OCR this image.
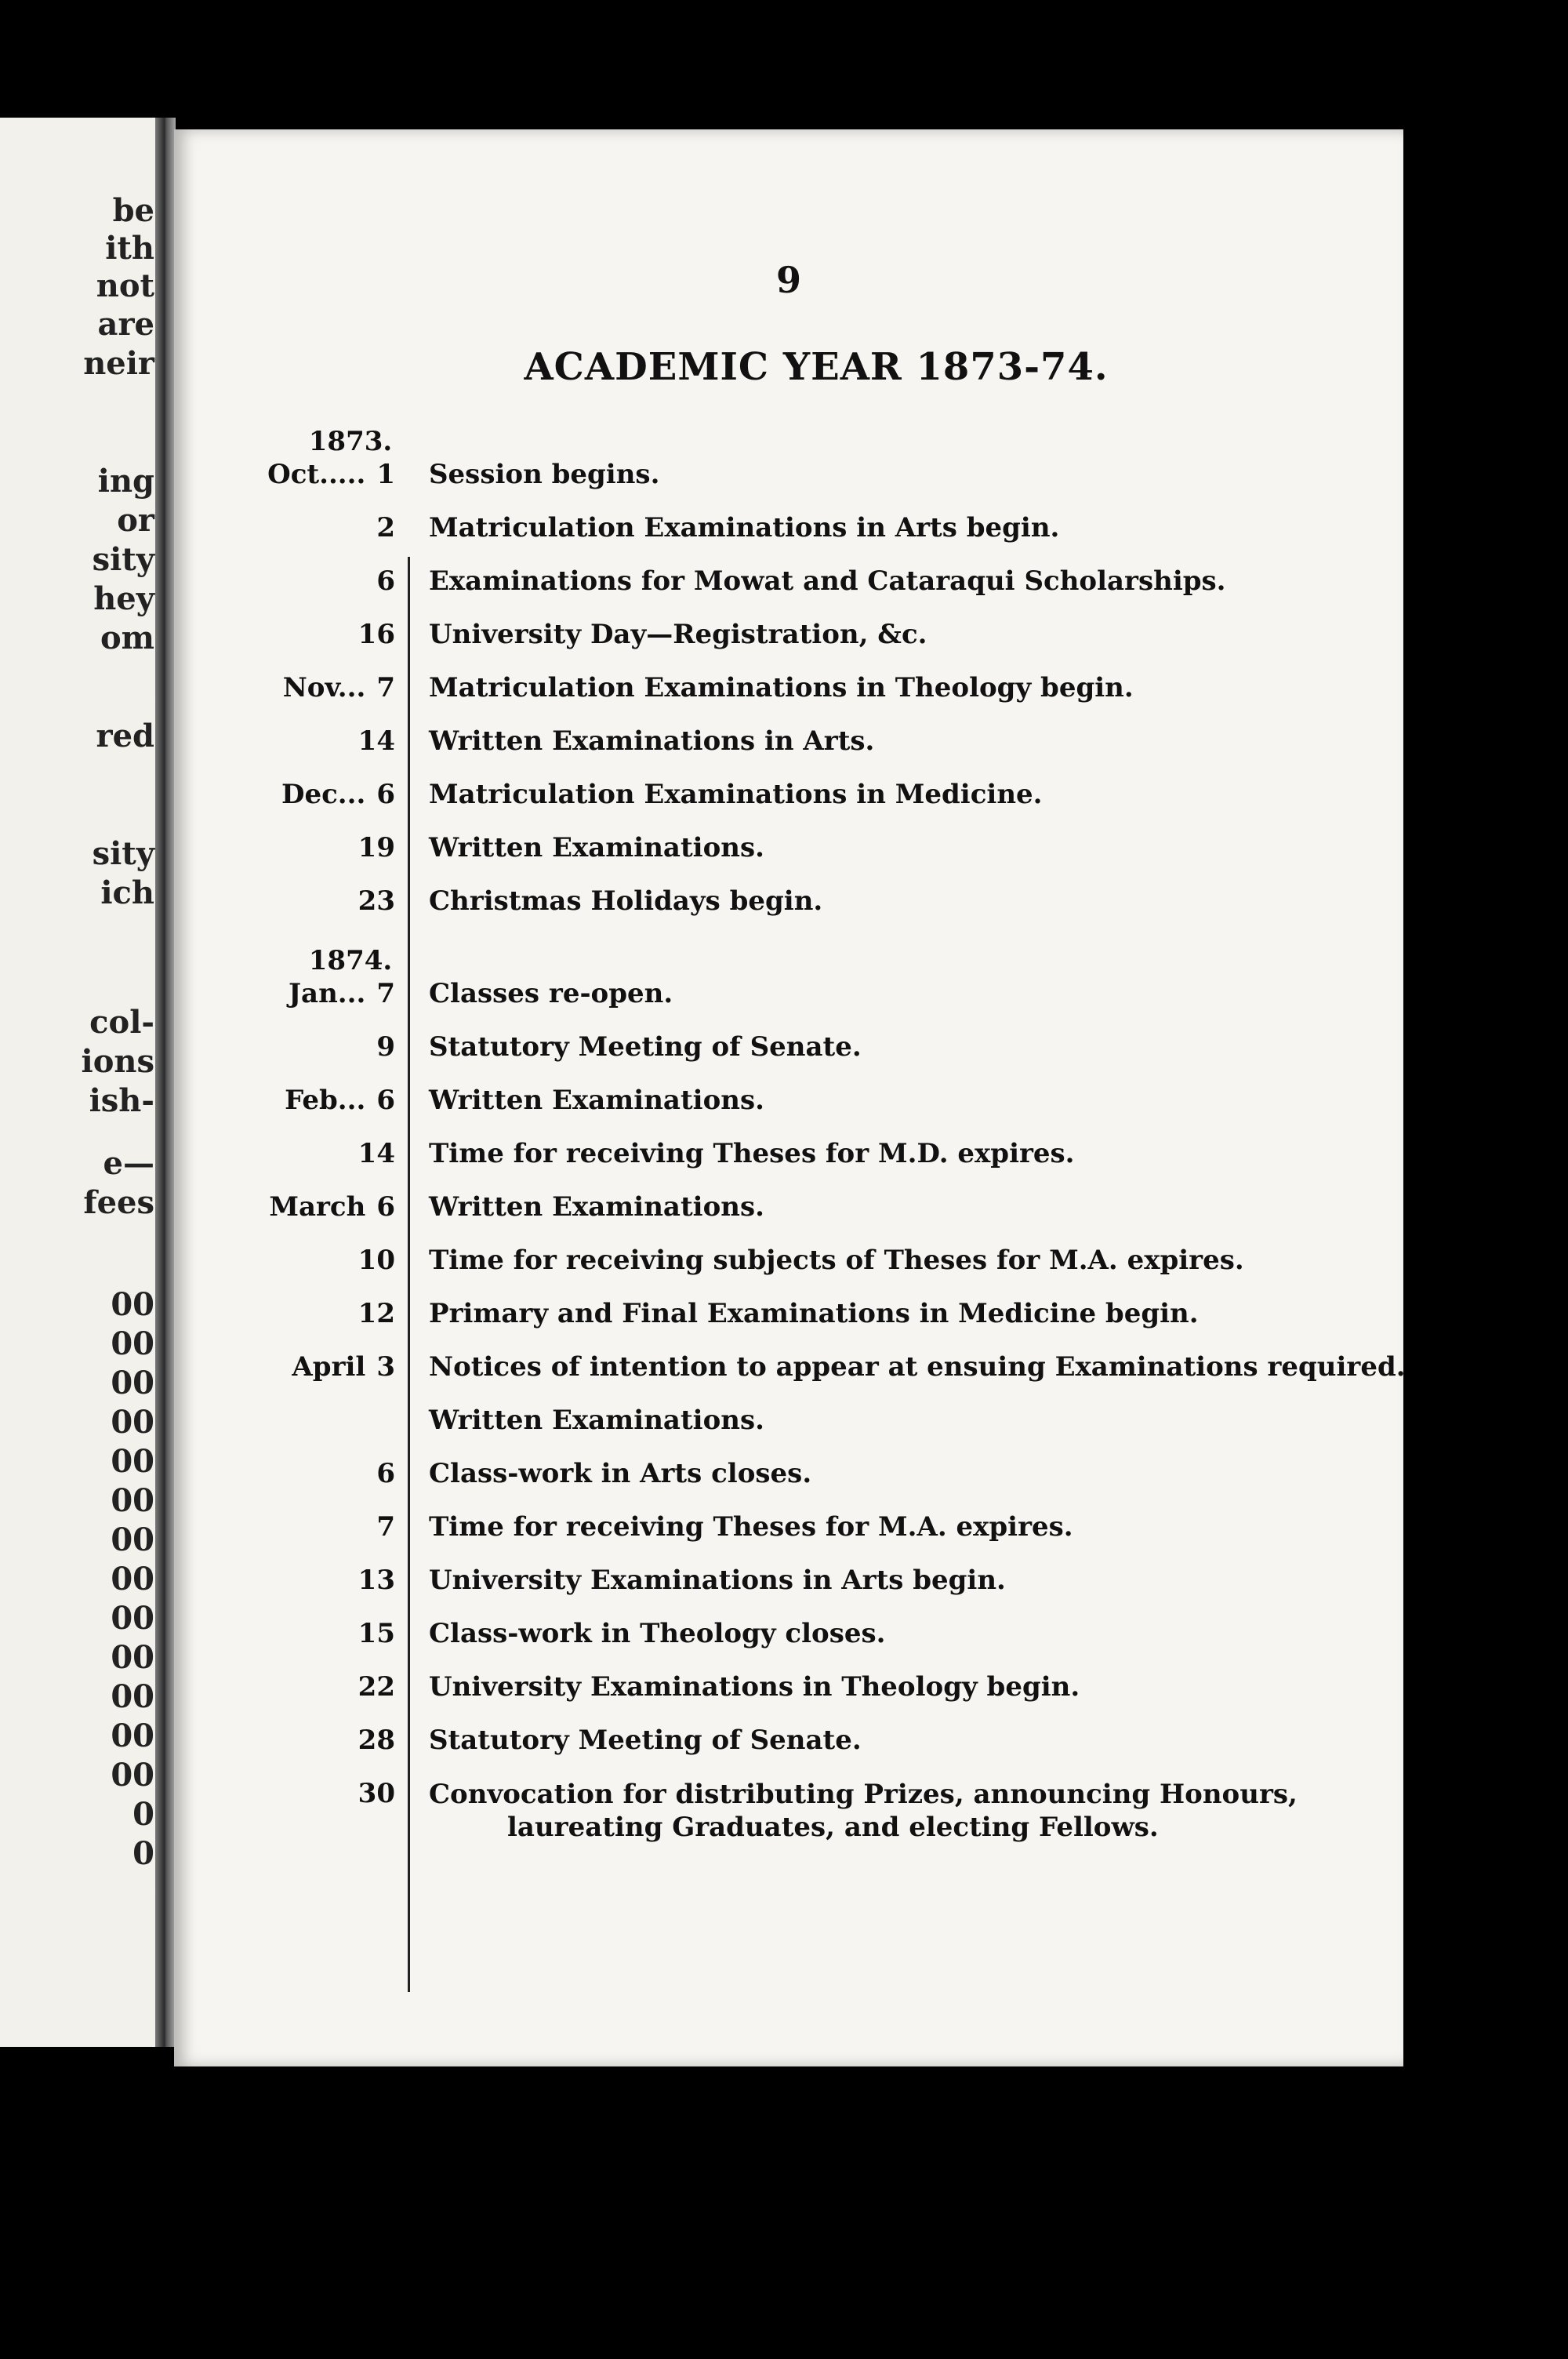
be
ith
not
are
neir
ing
or
sity
hey
om
red
sity
ich
col-
ions
ish-
e—
fees
00
00
00
00
00
00
00
00
00
00
00
00
00
0
0
9
ACADEMIC YEAR 1873-74.
1873.
1874.
Oct..... 1 Session begins.
2 Matriculation Examinations in Arts begin.
6 Examinations for Mowat and Cataraqui Scholarships.
16 University Day—Registration, &c.
Nov... 7 Matriculation Examinations in Theology begin.
14 Written Examinations in Arts.
Dec... 6 Matriculation Examinations in Medicine.
19 Written Examinations.
23 Christmas Holidays begin.
Jan... 7 Classes re-open.
9 Statutory Meeting of Senate.
Feb... 6 Written Examinations.
14 Time for receiving Theses for M.D. expires.
March 6 Written Examinations.
10 Time for receiving subjects of Theses for M.A. expires.
12 Primary and Final Examinations in Medicine begin.
April 3 Notices of intention to appear at ensuing Examinations required.
Written Examinations.
6 Class-work in Arts closes.
7 Time for receiving Theses for M.A. expires.
13 University Examinations in Arts begin.
15 Class-work in Theology closes.
22 University Examinations in Theology begin.
28 Statutory Meeting of Senate.
30 Convocation for distributing Prizes, announcing Honours,
laureating Graduates, and electing Fellows.
